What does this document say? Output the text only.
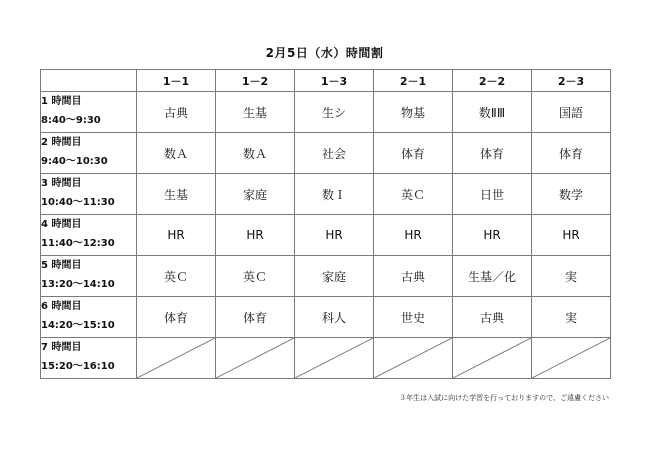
2月5日（水）時間割
	1－1	1－2	1－3	2－1	2－2	2－3

1 時間目
8:40～9:30	古典	生基	生シ	物基	数ⅡⅢ	国語

2 時間目
9:40～10:30	数Ａ	数Ａ	社会	体育	体育	体育

3 時間目
10:40～11:30	生基	家庭	数Ｉ	英Ｃ	日世	数学

4 時間目
11:40～12:30	HR	HR	HR	HR	HR	HR

5 時間目
13:20～14:10	英Ｃ	英Ｃ	家庭	古典	生基／化	実

6 時間目
14:20～15:10	体育	体育	科人	世史	古典	実

7 時間目
15:20～16:10

３年生は入試に向けた学習を行っておりますので、ご遠慮ください
